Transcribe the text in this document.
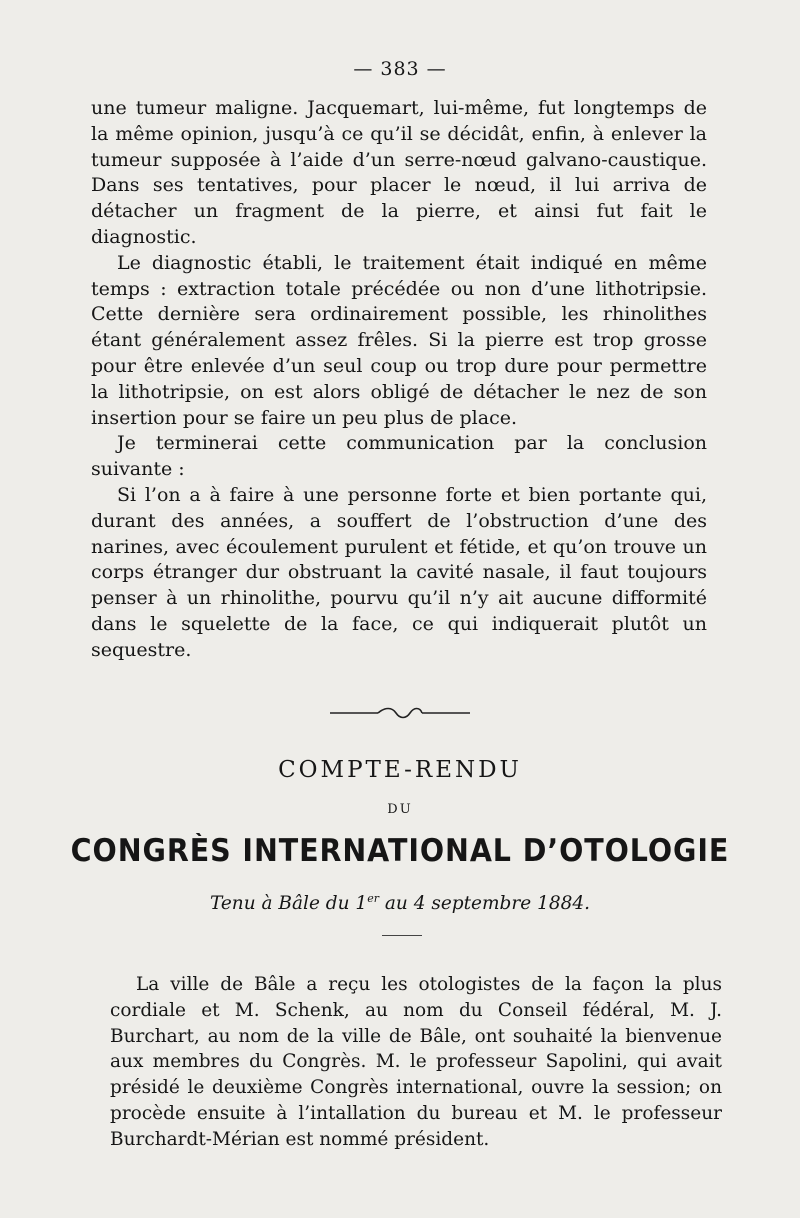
— 383 —

une tumeur maligne. Jacquemart, lui-même, fut longtemps de la même opinion, jusqu’à ce qu’il se décidât, enfin, à enlever la tumeur supposée à l’aide d’un serre-nœud galvano-caustique. Dans ses tentatives, pour placer le nœud, il lui arriva de détacher un fragment de la pierre, et ainsi fut fait le diagnostic.

Le diagnostic établi, le traitement était indiqué en même temps : extraction totale précédée ou non d’une lithotripsie. Cette dernière sera ordinairement possible, les rhinolithes étant généralement assez frêles. Si la pierre est trop grosse pour être enlevée d’un seul coup ou trop dure pour permettre la lithotripsie, on est alors obligé de détacher le nez de son insertion pour se faire un peu plus de place.

Je terminerai cette communication par la conclusion suivante :

Si l’on a à faire à une personne forte et bien portante qui, durant des années, a souffert de l’obstruction d’une des narines, avec écoulement purulent et fétide, et qu’on trouve un corps étranger dur obstruant la cavité nasale, il faut toujours penser à un rhinolithe, pourvu qu’il n’y ait aucune difformité dans le squelette de la face, ce qui indiquerait plutôt un sequestre.

COMPTE-RENDU
DU
CONGRÈS INTERNATIONAL D’OTOLOGIE
Tenu à Bâle du 1er au 4 septembre 1884.

La ville de Bâle a reçu les otologistes de la façon la plus cordiale et M. Schenk, au nom du Conseil fédéral, M. J. Burchart, au nom de la ville de Bâle, ont souhaité la bienvenue aux membres du Congrès. M. le professeur Sapolini, qui avait présidé le deuxième Congrès international, ouvre la session; on procède ensuite à l’intallation du bureau et M. le professeur Burchardt-Mérian est nommé président.
